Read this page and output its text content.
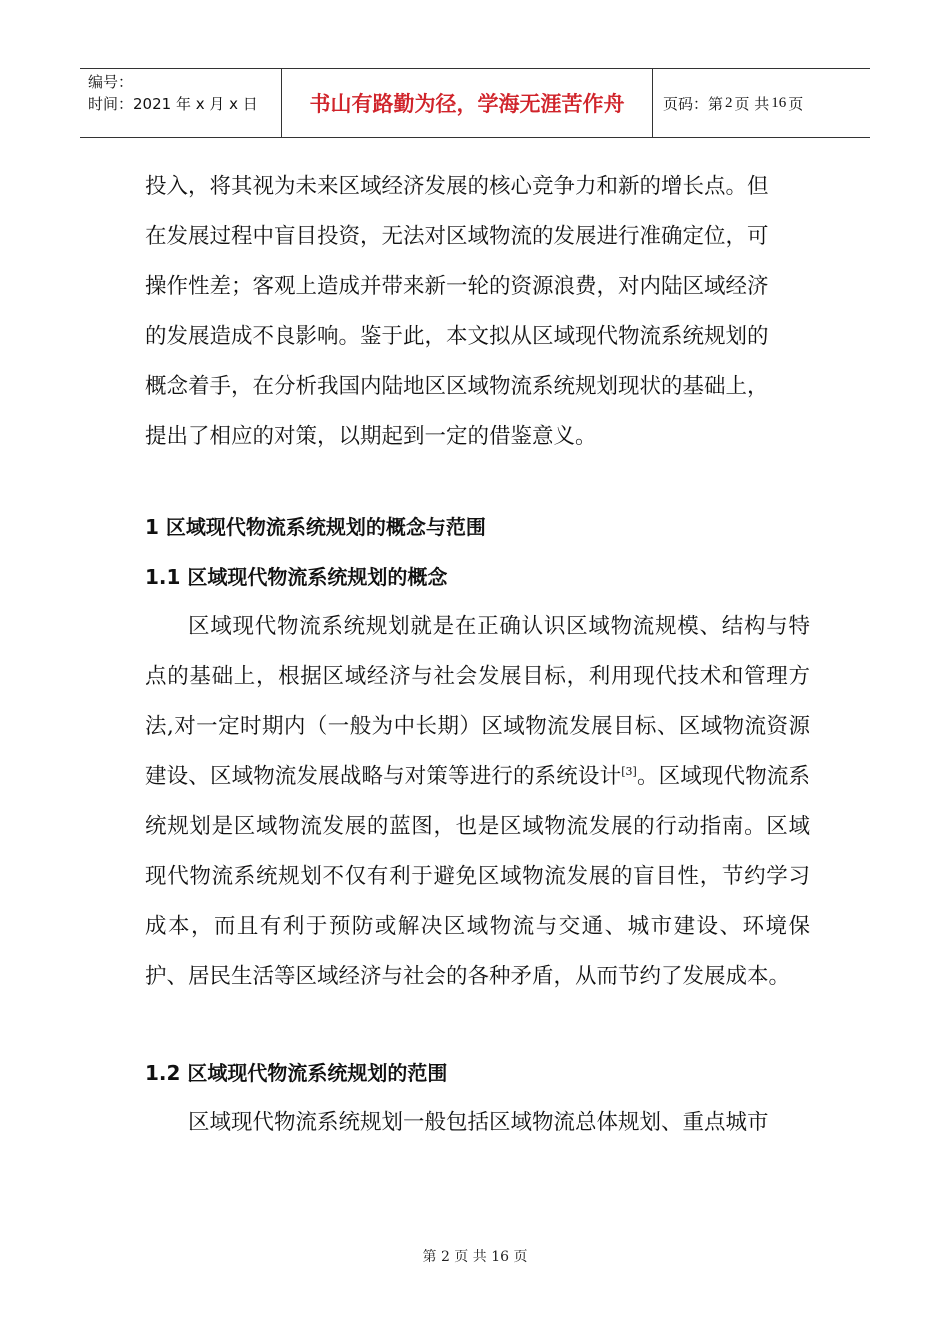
编号：
时间：2021 年 x 月 x 日	书山有路勤为径，学海无涯苦作舟	页码：第 2 页 共 16 页

投入，将其视为未来区域经济发展的核心竞争力和新的增长点。但

在发展过程中盲目投资，无法对区域物流的发展进行准确定位，可

操作性差；客观上造成并带来新一轮的资源浪费，对内陆区域经济

的发展造成不良影响。鉴于此，本文拟从区域现代物流系统规划的

概念着手，在分析我国内陆地区区域物流系统规划现状的基础上，

提出了相应的对策，以期起到一定的借鉴意义。

1 区域现代物流系统规划的概念与范围

1.1 区域现代物流系统规划的概念

区域现代物流系统规划就是在正确认识区域物流规模、结构与特点的基础上，根据区域经济与社会发展目标，利用现代技术和管理方法,对一定时期内（一般为中长期）区域物流发展目标、区域物流资源建设、区域物流发展战略与对策等进行的系统设计[3]。区域现代物流系统规划是区域物流发展的蓝图，也是区域物流发展的行动指南。区域现代物流系统规划不仅有利于避免区域物流发展的盲目性，节约学习成本，而且有利于预防或解决区域物流与交通、城市建设、环境保护、居民生活等区域经济与社会的各种矛盾，从而节约了发展成本。

1.2 区域现代物流系统规划的范围

区域现代物流系统规划一般包括区域物流总体规划、重点城市

第 2 页 共 16 页
